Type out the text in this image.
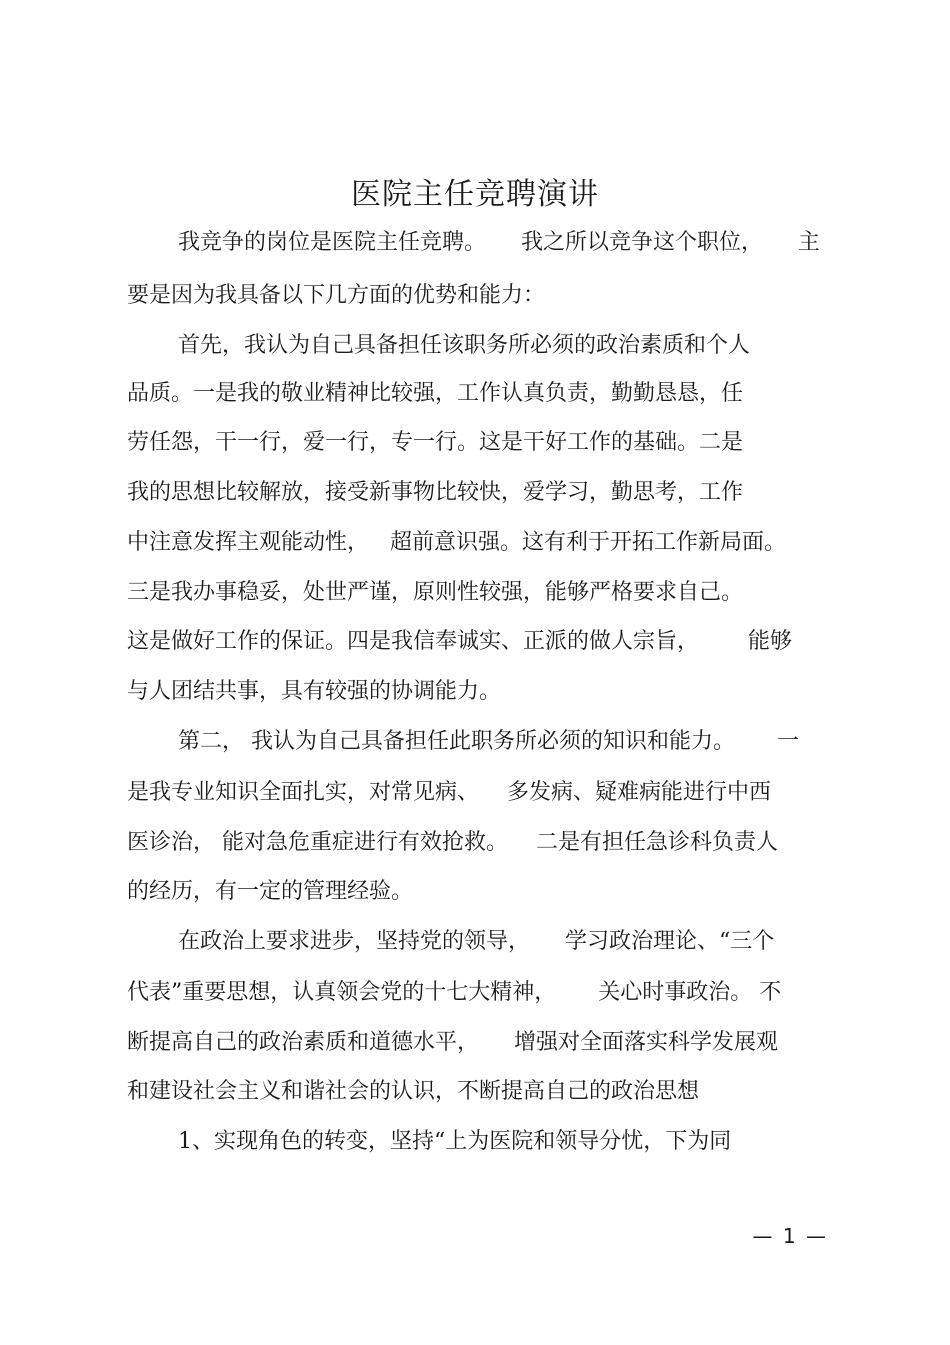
医院主任竞聘演讲
我竞争的岗位是医院主任竞聘。     我之所以竞争这个职位，     主
要是因为我具备以下几方面的优势和能力：
首先，我认为自己具备担任该职务所必须的政治素质和个人
品质。一是我的敬业精神比较强，工作认真负责，勤勤恳恳，任
劳任怨，干一行，爱一行，专一行。这是干好工作的基础。二是
我的思想比较解放，接受新事物比较快，爱学习，勤思考，工作
中注意发挥主观能动性，   超前意识强。这有利于开拓工作新局面。
三是我办事稳妥，处世严谨，原则性较强，能够严格要求自己。
这是做好工作的保证。四是我信奉诚实、正派的做人宗旨，       能够
与人团结共事，具有较强的协调能力。
第二， 我认为自己具备担任此职务所必须的知识和能力。      一
是我专业知识全面扎实，对常见病、    多发病、疑难病能进行中西
医诊治， 能对急危重症进行有效抢救。    二是有担任急诊科负责人
的经历，有一定的管理经验。
在政治上要求进步，坚持党的领导，     学习政治理论、“三个
代表”重要思想，认真领会党的十七大精神，      关心时事政治。 不
断提高自己的政治素质和道德水平，     增强对全面落实科学发展观
和建设社会主义和谐社会的认识，不断提高自己的政治思想
1、实现角色的转变，坚持“上为医院和领导分忧，下为同
— 1 —
